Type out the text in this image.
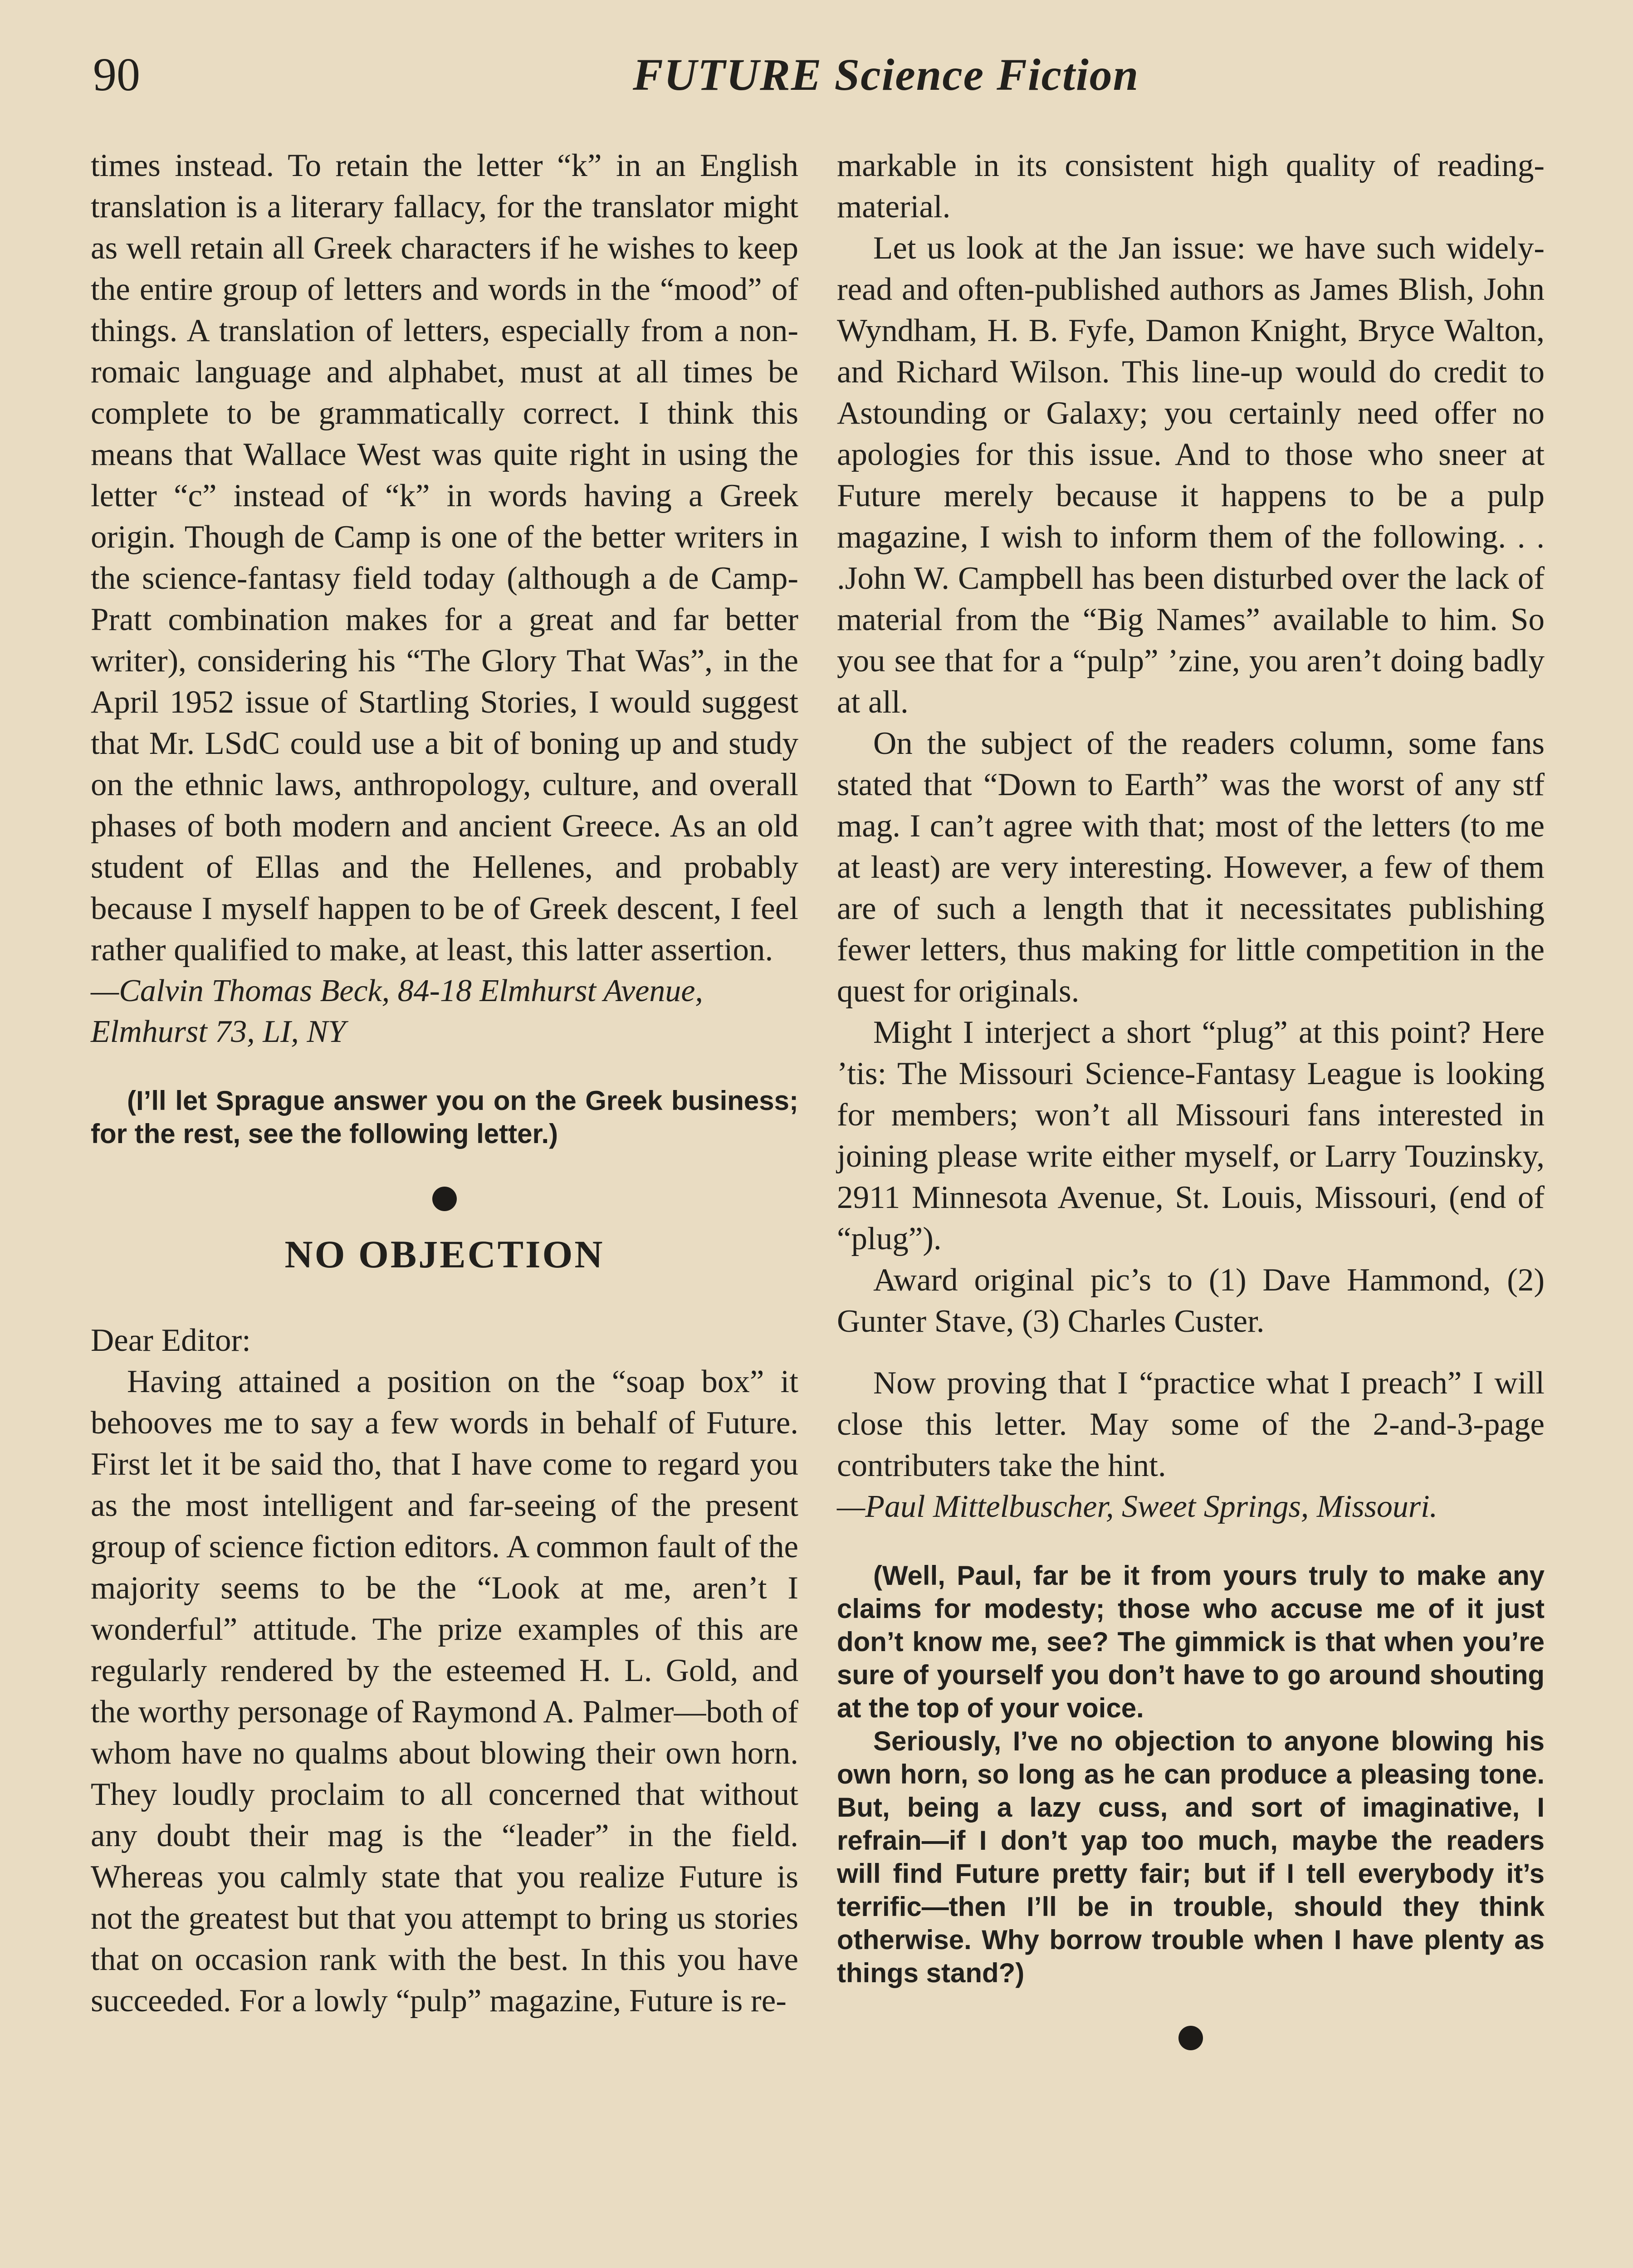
90	FUTURE Science Fiction

times instead. To retain the letter “k” in an English translation is a literary fallacy, for the translator might as well retain all Greek characters if he wishes to keep the entire group of letters and words in the “mood” of things. A translation of letters, especially from a non-romaic language and alphabet, must at all times be complete to be grammatically correct. I think this means that Wallace West was quite right in using the letter “c” instead of “k” in words having a Greek origin. Though de Camp is one of the better writers in the science-fantasy field today (although a de Camp-Pratt combination makes for a great and far better writer), considering his “The Glory That Was”, in the April 1952 issue of Startling Stories, I would suggest that Mr. LSdC could use a bit of boning up and study on the ethnic laws, anthropology, culture, and overall phases of both modern and ancient Greece. As an old student of Ellas and the Hellenes, and probably because I myself happen to be of Greek descent, I feel rather qualified to make, at least, this latter assertion.

—Calvin Thomas Beck, 84-18 Elmhurst Avenue, Elmhurst 73, LI, NY

(I’ll let Sprague answer you on the Greek business; for the rest, see the following letter.)

NO OBJECTION

Dear Editor:

Having attained a position on the “soap box” it behooves me to say a few words in behalf of Future. First let it be said tho, that I have come to regard you as the most intelligent and far-seeing of the present group of science fiction editors. A common fault of the majority seems to be the “Look at me, aren’t I wonderful” attitude. The prize examples of this are regularly rendered by the esteemed H. L. Gold, and the worthy personage of Raymond A. Palmer—both of whom have no qualms about blowing their own horn. They loudly proclaim to all concerned that without any doubt their mag is the “leader” in the field. Whereas you calmly state that you realize Future is not the greatest but that you attempt to bring us stories that on occasion rank with the best. In this you have succeeded. For a lowly “pulp” magazine, Future is re-

markable in its consistent high quality of reading-material.

Let us look at the Jan issue: we have such widely-read and often-published authors as James Blish, John Wyndham, H. B. Fyfe, Damon Knight, Bryce Walton, and Richard Wilson. This line-up would do credit to Astounding or Galaxy; you certainly need offer no apologies for this issue. And to those who sneer at Future merely because it happens to be a pulp magazine, I wish to inform them of the following. . . .John W. Campbell has been disturbed over the lack of material from the “Big Names” available to him. So you see that for a “pulp” ’zine, you aren’t doing badly at all.

On the subject of the readers column, some fans stated that “Down to Earth” was the worst of any stf mag. I can’t agree with that; most of the letters (to me at least) are very interesting. However, a few of them are of such a length that it necessitates publishing fewer letters, thus making for little competition in the quest for originals.

Might I interject a short “plug” at this point? Here ’tis: The Missouri Science-Fantasy League is looking for members; won’t all Missouri fans interested in joining please write either myself, or Larry Touzinsky, 2911 Minnesota Avenue, St. Louis, Missouri, (end of “plug”).

Award original pic’s to (1) Dave Hammond, (2) Gunter Stave, (3) Charles Custer.

Now proving that I “practice what I preach” I will close this letter. May some of the 2-and-3-page contributers take the hint.

—Paul Mittelbuscher, Sweet Springs, Missouri.

(Well, Paul, far be it from yours truly to make any claims for modesty; those who accuse me of it just don’t know me, see? The gimmick is that when you’re sure of yourself you don’t have to go around shouting at the top of your voice.

Seriously, I’ve no objection to anyone blowing his own horn, so long as he can produce a pleasing tone. But, being a lazy cuss, and sort of imaginative, I refrain—if I don’t yap too much, maybe the readers will find Future pretty fair; but if I tell everybody it’s terrific—then I’ll be in trouble, should they think otherwise. Why borrow trouble when I have plenty as things stand?)
